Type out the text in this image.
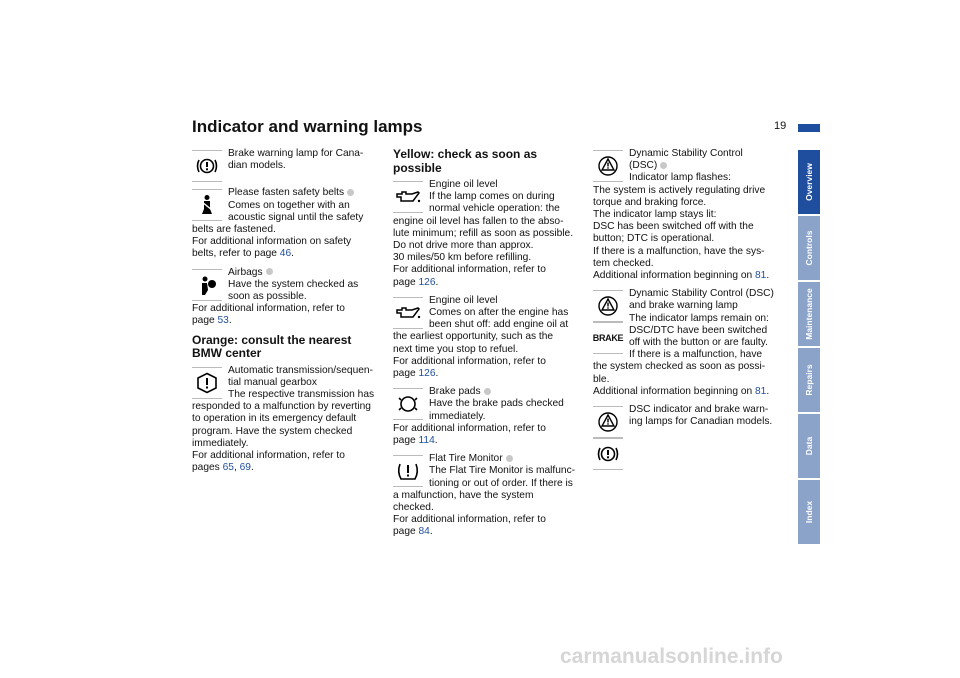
Indicator and warning lamps	19
Overview
Controls
Maintenance
Repairs
Data
Index

Brake warning lamp for Cana-

dian models.

Please fasten safety belts

Comes on together with an

acoustic signal until the safety

belts are fastened.

For additional information on safety

belts, refer to page 46.

Airbags

Have the system checked as

soon as possible.

For additional information, refer to

page 53.

Orange: consult the nearest BMW center

Automatic transmission/sequen-

tial manual gearbox

The respective transmission has

responded to a malfunction by reverting

to operation in its emergency default

program. Have the system checked

immediately.

For additional information, refer to

pages 65, 69.

Yellow: check as soon as possible

Engine oil level

If the lamp comes on during

normal vehicle operation: the

engine oil level has fallen to the abso-

lute minimum; refill as soon as possible.

Do not drive more than approx.

30 miles/50 km before refilling.

For additional information, refer to

page 126.

Engine oil level

Comes on after the engine has

been shut off: add engine oil at

the earliest opportunity, such as the

next time you stop to refuel.

For additional information, refer to

page 126.

Brake pads

Have the brake pads checked

immediately.

For additional information, refer to

page 114.

Flat Tire Monitor

The Flat Tire Monitor is malfunc-

tioning or out of order. If there is

a malfunction, have the system

checked.

For additional information, refer to

page 84.

Dynamic Stability Control

(DSC)

Indicator lamp flashes:

The system is actively regulating drive

torque and braking force.

The indicator lamp stays lit:

DSC has been switched off with the

button; DTC is operational.

If there is a malfunction, have the sys-

tem checked.

Additional information beginning on 81.

BRAKE

Dynamic Stability Control (DSC)

and brake warning lamp

The indicator lamps remain on:

DSC/DTC have been switched

off with the button or are faulty.

If there is a malfunction, have

the system checked as soon as possi-

ble.

Additional information beginning on 81.

DSC indicator and brake warn-

ing lamps for Canadian models.

carmanualsonline.info
